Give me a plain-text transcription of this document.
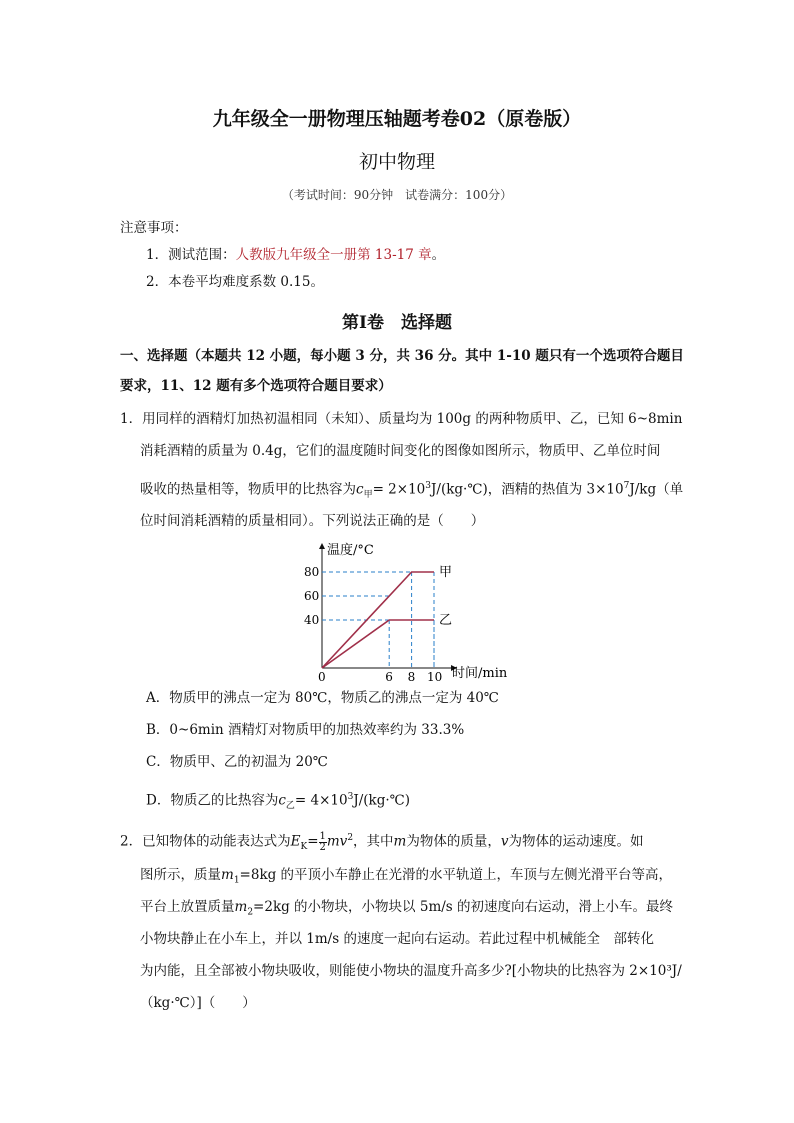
九年级全一册物理压轴题考卷02（原卷版）
初中物理
（考试时间：90分钟　试卷满分：100分）
注意事项：
1．测试范围：人教版九年级全一册第 13-17 章。
2．本卷平均难度系数 0.15。
第Ⅰ卷　选择题
一、选择题（本题共 12 小题，每小题 3 分，共 36 分。其中 1-10 题只有一个选项符合题目
要求，11、12 题有多个选项符合题目要求）
1．用同样的酒精灯加热初温相同（未知）、质量均为 100g 的两种物质甲、乙，已知 6~8min
消耗酒精的质量为 0.4g，它们的温度随时间变化的图像如图所示，物质甲、乙单位时间
吸收的热量相等，物质甲的比热容为$c_甲=$ $2\times 10^3J/(kg\cdot℃)$，酒精的热值为 $3\times 10^7J/kg$（单
位时间消耗酒精的质量相同）。下列说法正确的是（　　）
温度/°C
时间/min
甲
乙
0	6 8 10
40
60
80
A．物质甲的沸点一定为 80℃，物质乙的沸点一定为 40℃
B．0~6min 酒精灯对物质甲的加热效率约为 33.3%
C．物质甲、乙的初温为 20℃
D．物质乙的比热容为$c_乙=$ $4\times 10^3J/(kg\cdot℃)$
2．已知物体的动能表达式为$E_K= \frac{1}{2} mv^2$，其中m为物体的质量，v为物体的运动速度。如
图所示，质量$m_1=8kg$ 的平顶小车静止在光滑的水平轨道上，车顶与左侧光滑平台等高，
平台上放置质量$m_2=2kg$ 的小物块，小物块以 5m/s 的初速度向右运动，滑上小车。最终
小物块静止在小车上，并以 1m/s 的速度一起向右运动。若此过程中机械能全　部转化
为内能，且全部被小物块吸收，则能使小物块的温度升高多少?[小物块的比热容为 2×10³J/
（kg·℃）]（　　）
